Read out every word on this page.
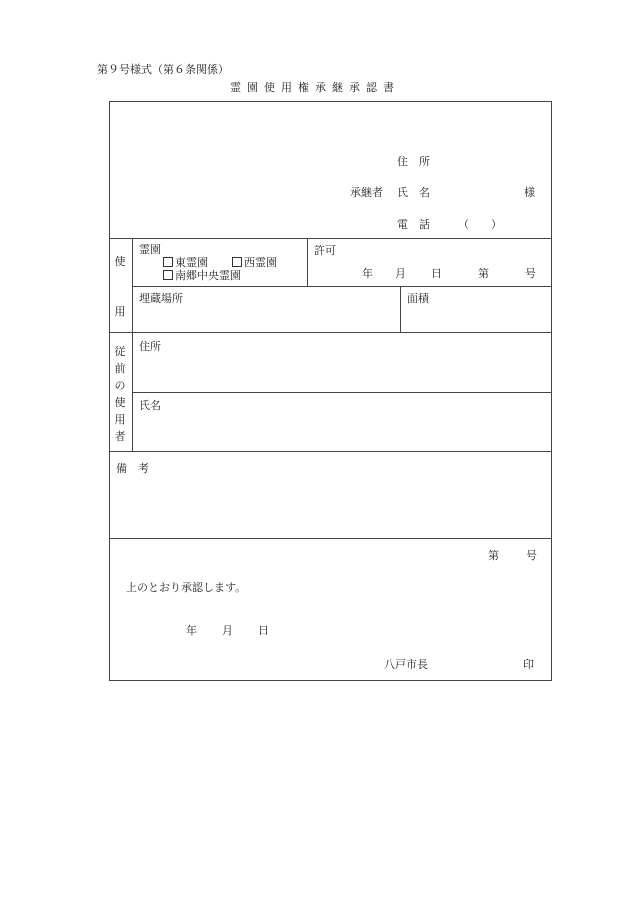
第９号様式（第６条関係）
霊園使用権承継承認書
住　所
承継者 氏　名	様
電　話	（　　）
使
用
霊園
東霊園	西霊園
南郷中央霊園
許可
年 月 日	第	号
埋蔵場所	面積
従
前
の
使
用
者
住所
氏名
備　考
第 号
上のとおり承認します。
年 月 日
八戸市長	印
